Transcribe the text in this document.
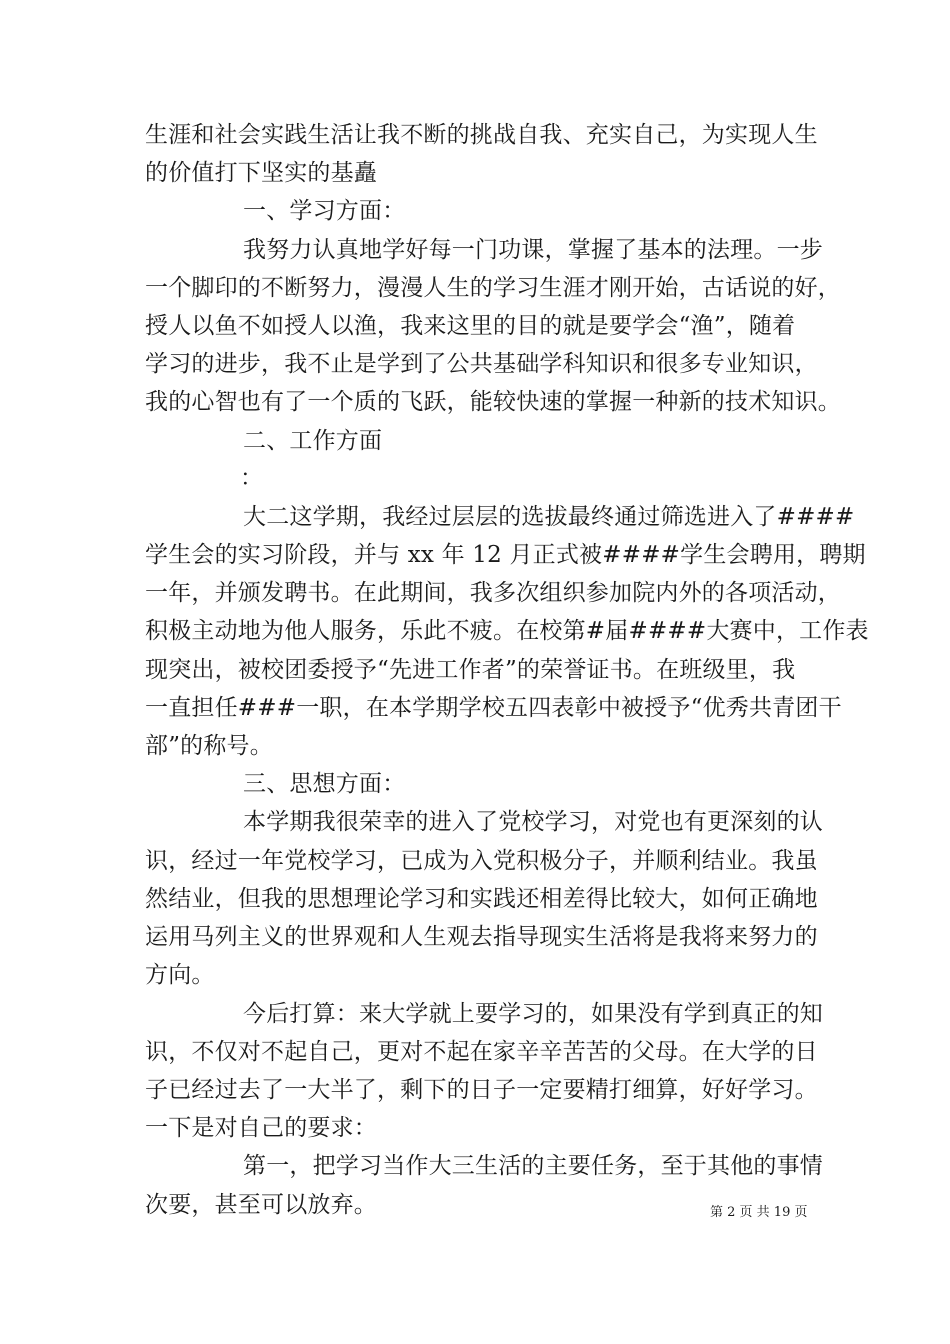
生涯和社会实践生活让我不断的挑战自我、充实自己，为实现人生
的价值打下坚实的基矗
一、学习方面：
我努力认真地学好每一门功课，掌握了基本的法理。一步
一个脚印的不断努力，漫漫人生的学习生涯才刚开始，古话说的好，
授人以鱼不如授人以渔，我来这里的目的就是要学会“渔”，随着
学习的进步，我不止是学到了公共基础学科知识和很多专业知识，
我的心智也有了一个质的飞跃，能较快速的掌握一种新的技术知识。
二、工作方面
：
大二这学期，我经过层层的选拔最终通过筛选进入了####
学生会的实习阶段，并与 xx 年 12 月正式被####学生会聘用，聘期
一年，并颁发聘书。在此期间，我多次组织参加院内外的各项活动，
积极主动地为他人服务，乐此不疲。在校第#届####大赛中，工作表
现突出，被校团委授予“先进工作者”的荣誉证书。在班级里，我
一直担任###一职，在本学期学校五四表彰中被授予“优秀共青团干
部”的称号。
三、思想方面：
本学期我很荣幸的进入了党校学习，对党也有更深刻的认
识，经过一年党校学习，已成为入党积极分子，并顺利结业。我虽
然结业，但我的思想理论学习和实践还相差得比较大，如何正确地
运用马列主义的世界观和人生观去指导现实生活将是我将来努力的
方向。
今后打算：来大学就上要学习的，如果没有学到真正的知
识，不仅对不起自己，更对不起在家辛辛苦苦的父母。在大学的日
子已经过去了一大半了，剩下的日子一定要精打细算，好好学习。
一下是对自己的要求：
第一，把学习当作大三生活的主要任务，至于其他的事情
次要，甚至可以放弃。	第 2 页 共 19 页
